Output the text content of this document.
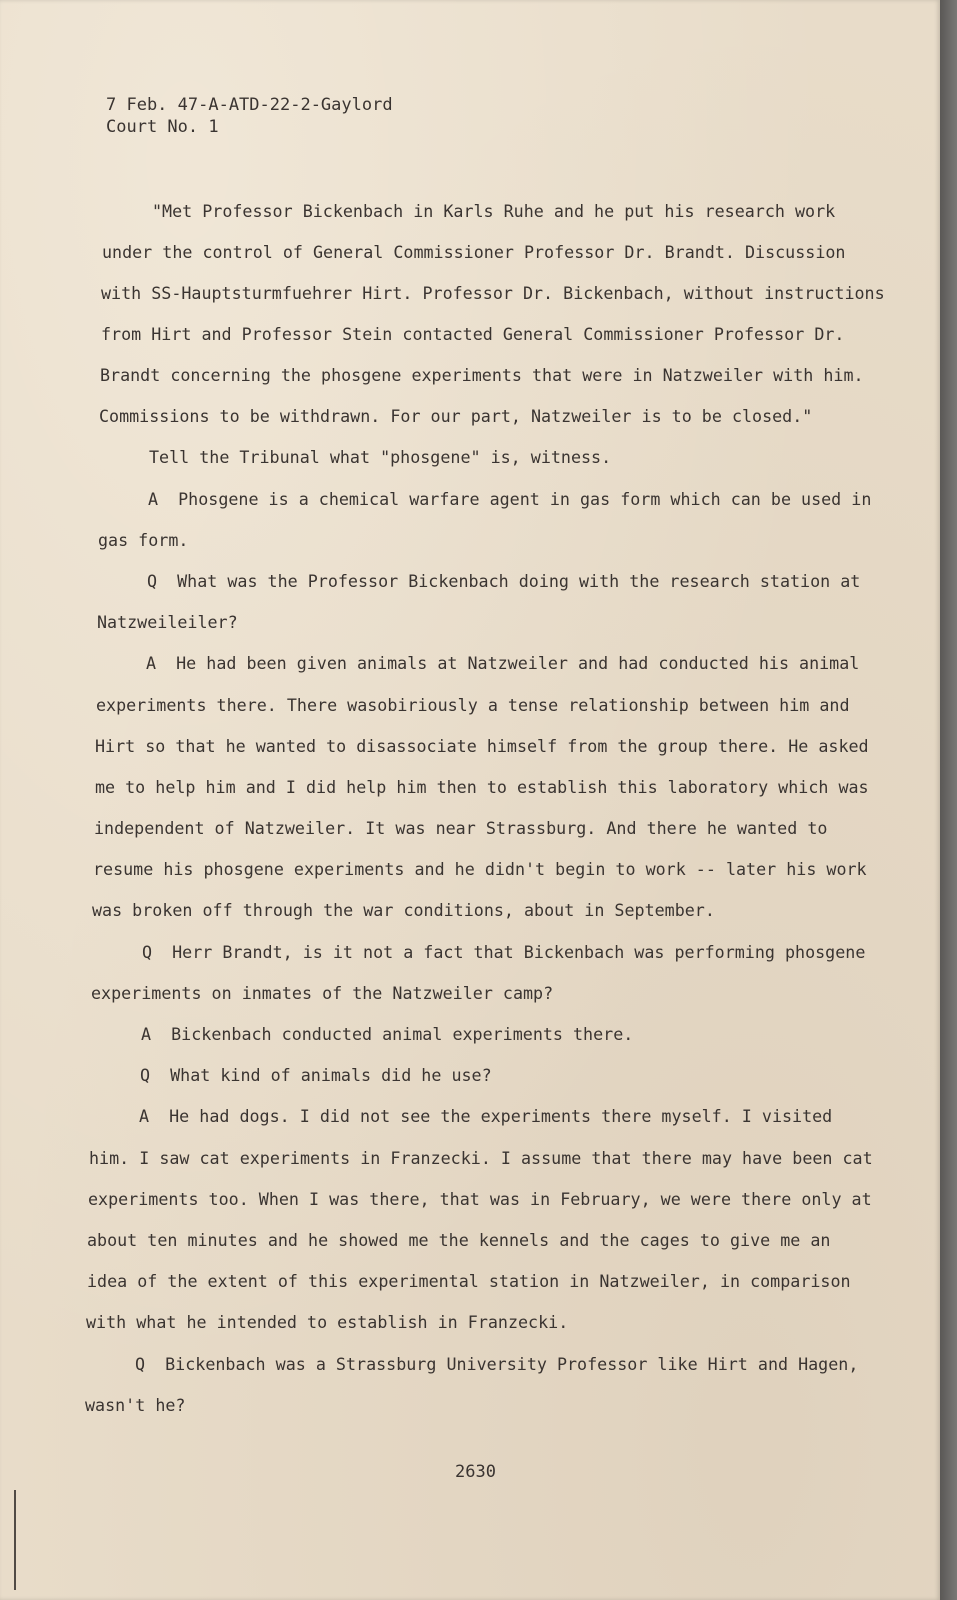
7 Feb. 47-A-ATD-22-2-Gaylord
Court No. 1
"Met Professor Bickenbach in Karls Ruhe and he put his research work
under the control of General Commissioner Professor Dr. Brandt. Discussion
with SS-Hauptsturmfuehrer Hirt. Professor Dr. Bickenbach, without instructions
from Hirt and Professor Stein contacted General Commissioner Professor Dr.
Brandt concerning the phosgene experiments that were in Natzweiler with him.
Commissions to be withdrawn. For our part, Natzweiler is to be closed."
Tell the Tribunal what "phosgene" is, witness.
A  Phosgene is a chemical warfare agent in gas form which can be used in
gas form.
Q  What was the Professor Bickenbach doing with the research station at
Natzweileiler?
A  He had been given animals at Natzweiler and had conducted his animal
experiments there. There wasobiriously a tense relationship between him and
Hirt so that he wanted to disassociate himself from the group there. He asked
me to help him and I did help him then to establish this laboratory which was
independent of Natzweiler. It was near Strassburg. And there he wanted to
resume his phosgene experiments and he didn't begin to work -- later his work
was broken off through the war conditions, about in September.
Q  Herr Brandt, is it not a fact that Bickenbach was performing phosgene
experiments on inmates of the Natzweiler camp?
A  Bickenbach conducted animal experiments there.
Q  What kind of animals did he use?
A  He had dogs. I did not see the experiments there myself. I visited
him. I saw cat experiments in Franzecki. I assume that there may have been cat
experiments too. When I was there, that was in February, we were there only at
about ten minutes and he showed me the kennels and the cages to give me an
idea of the extent of this experimental station in Natzweiler, in comparison
with what he intended to establish in Franzecki.
Q  Bickenbach was a Strassburg University Professor like Hirt and Hagen,
wasn't he?
2630
